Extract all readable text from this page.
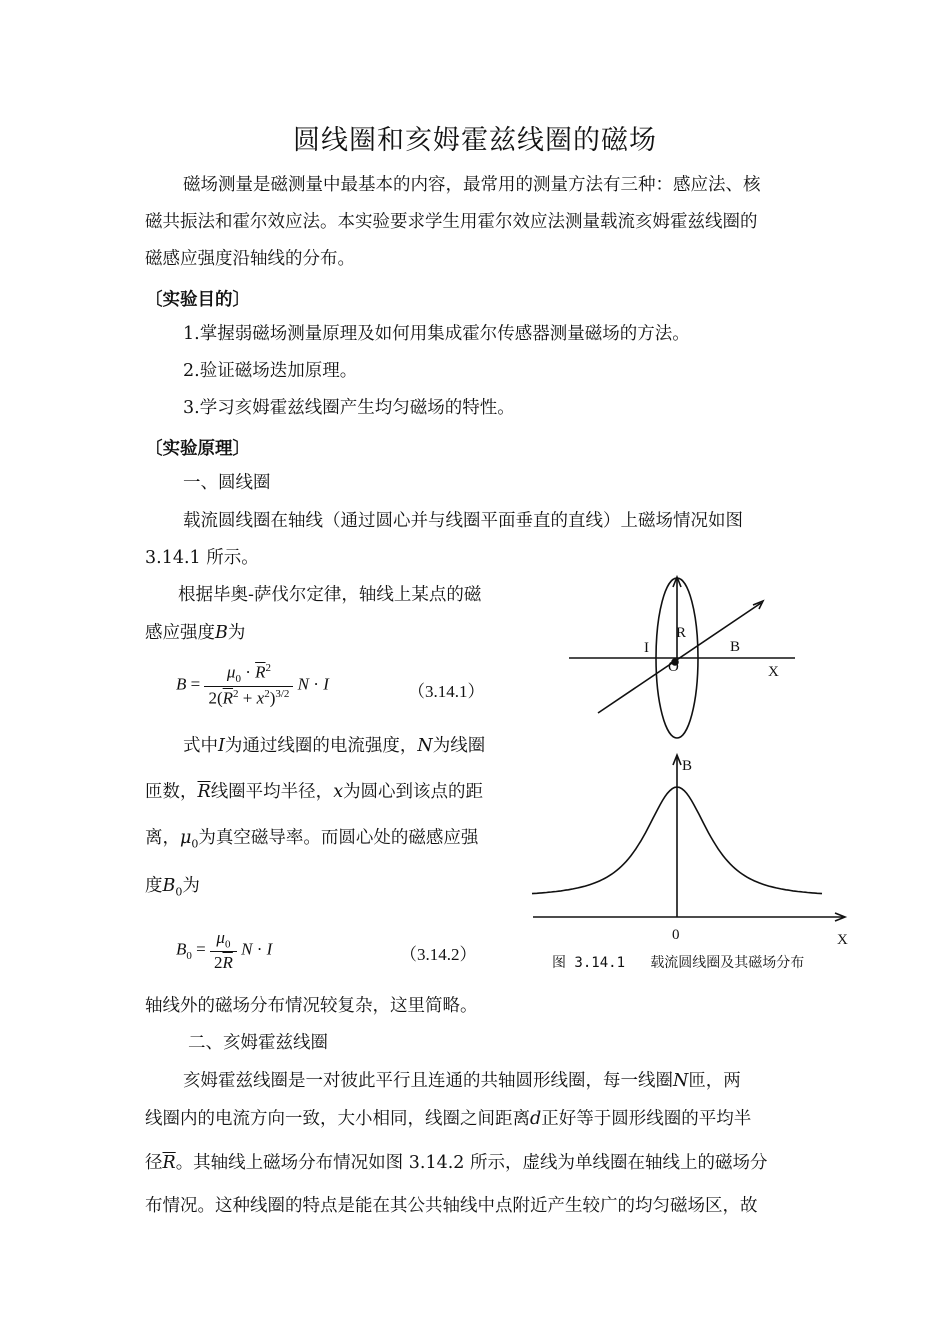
圆线圈和亥姆霍兹线圈的磁场
磁场测量是磁测量中最基本的内容，最常用的测量方法有三种：感应法、核
磁共振法和霍尔效应法。本实验要求学生用霍尔效应法测量载流亥姆霍兹线圈的
磁感应强度沿轴线的分布。
〔实验目的〕
1.掌握弱磁场测量原理及如何用集成霍尔传感器测量磁场的方法。
2.验证磁场迭加原理。
3.学习亥姆霍兹线圈产生均匀磁场的特性。
〔实验原理〕
一、圆线圈
载流圆线圈在轴线（通过圆心并与线圈平面垂直的直线）上磁场情况如图
3.14.1 所示。
根据毕奥-萨伐尔定律，轴线上某点的磁
感应强度B为
$B = \frac{\mu_0 \cdot \overline{R}^2}{2(\overline{R}^2 + x^2)^{3/2}}$ N · I	（3.14.1）
式中I为通过线圈的电流强度，N为线圈
匝数，$\overline{R}$线圈平均半径，x为圆心到该点的距
离，$\mu_0$为真空磁导率。而圆心处的磁感应强
度$B_0$为
$B_0 = \frac{\mu_0}{2\overline{R}}$ N · I	（3.14.2）
轴线外的磁场分布情况较复杂，这里简略。
二、亥姆霍兹线圈
亥姆霍兹线圈是一对彼此平行且连通的共轴圆形线圈，每一线圈N匝，两
线圈内的电流方向一致，大小相同，线圈之间距离d正好等于圆形线圈的平均半
径$\overline{R}$。其轴线上磁场分布情况如图 3.14.2 所示，虚线为单线圈在轴线上的磁场分
布情况。这种线圈的特点是能在其公共轴线中点附近产生较广的均匀磁场区，故
I
R
B
O	X
B
0	X
图 3.14.1 载流圆线圈及其磁场分布
